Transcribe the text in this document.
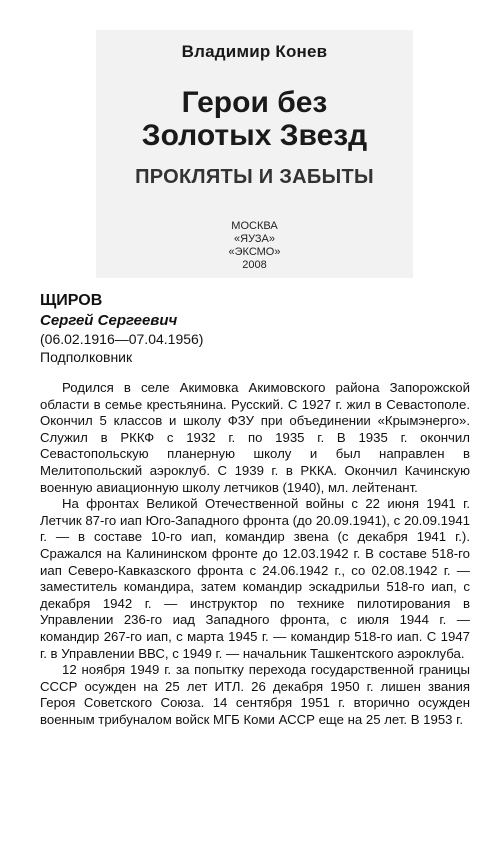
Владимир Конев
Герои без
Золотых Звезд
ПРОКЛЯТЫ И ЗАБЫТЫ
МОСКВА
«ЯУЗА»
«ЭКСМО»
2008
ЩИРОВ
Сергей Сергеевич
(06.02.1916—07.04.1956)
Подполковник

Родился в селе Акимовка Акимовского района Запорожской области в семье крестьянина. Русский. С 1927 г. жил в Севастополе. Окончил 5 классов и школу ФЗУ при объединении «Крымэнерго». Служил в РККФ с 1932 г. по 1935 г. В 1935 г. окончил Севастопольскую планерную школу и был направлен в Мелитопольский аэроклуб. С 1939 г. в РККА. Окончил Качинскую военную авиационную школу летчиков (1940), мл. лейтенант.

На фронтах Великой Отечественной войны с 22 июня 1941 г. Летчик 87-го иап Юго-Западного фронта (до 20.09.1941), с 20.09.1941 г. — в составе 10-го иап, командир звена (с декабря 1941 г.). Сражался на Калининском фронте до 12.03.1942 г. В составе 518-го иап Северо-Кавказского фронта с 24.06.1942 г., со 02.08.1942 г. — заместитель командира, затем командир эскадрильи 518-го иап, с декабря 1942 г. — инструктор по технике пилотирования в Управлении 236-го иад Западного фронта, с июля 1944 г. — командир 267-го иап, с марта 1945 г. — командир 518-го иап. С 1947 г. в Управлении ВВС, с 1949 г. — начальник Ташкентского аэроклуба.

12 ноября 1949 г. за попытку перехода государственной границы СССР осужден на 25 лет ИТЛ. 26 декабря 1950 г. лишен звания Героя Советского Союза. 14 сентября 1951 г. вторично осужден военным трибуналом войск МГБ Коми АССР еще на 25 лет. В 1953 г.
